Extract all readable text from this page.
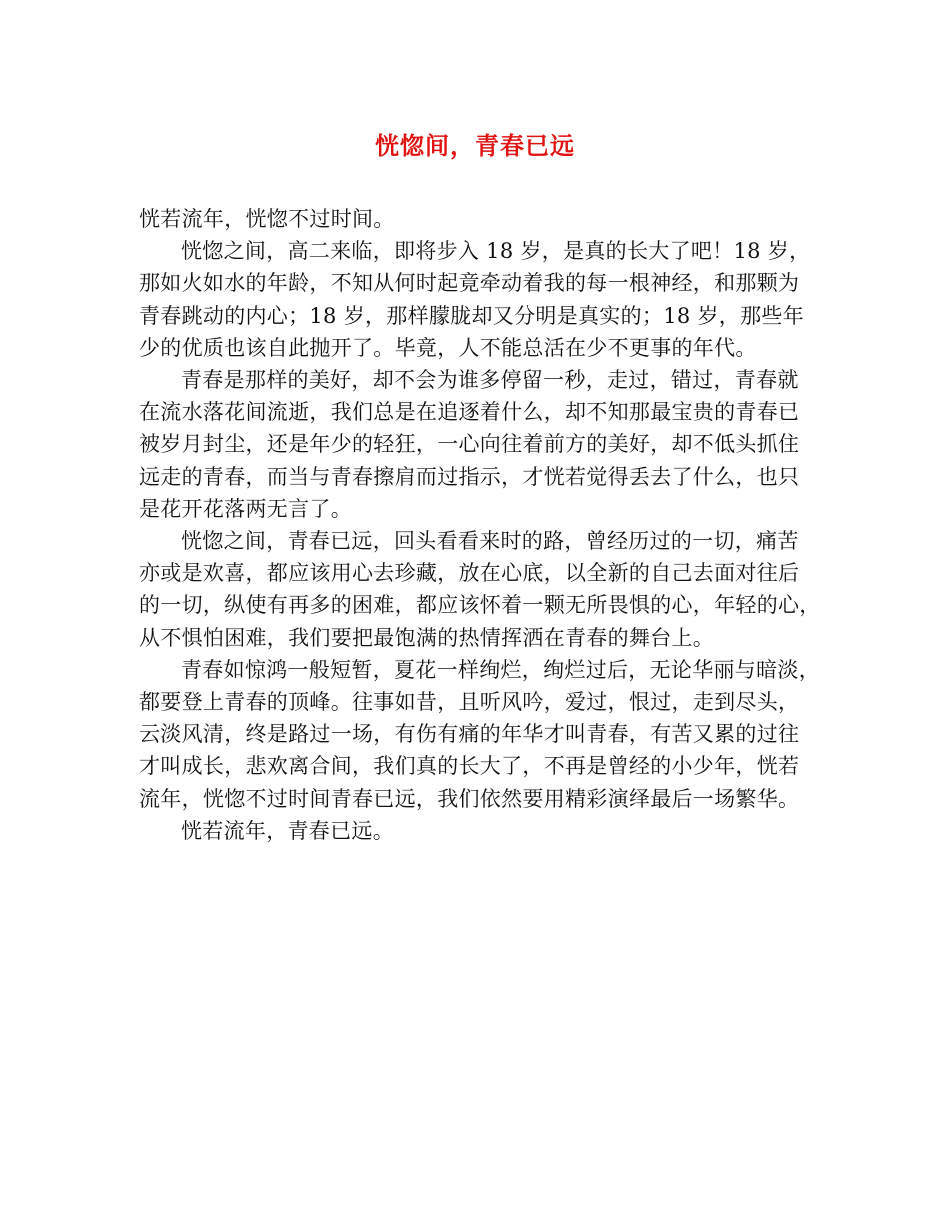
恍惚间，青春已远
恍若流年，恍惚不过时间。
恍惚之间，高二来临，即将步入 18 岁，是真的长大了吧！18 岁，
那如火如水的年龄，不知从何时起竟牵动着我的每一根神经，和那颗为
青春跳动的内心；18 岁，那样朦胧却又分明是真实的；18 岁，那些年
少的优质也该自此抛开了。毕竟，人不能总活在少不更事的年代。
青春是那样的美好，却不会为谁多停留一秒，走过，错过，青春就
在流水落花间流逝，我们总是在追逐着什么，却不知那最宝贵的青春已
被岁月封尘，还是年少的轻狂，一心向往着前方的美好，却不低头抓住
远走的青春，而当与青春擦肩而过指示，才恍若觉得丢去了什么，也只
是花开花落两无言了。
恍惚之间，青春已远，回头看看来时的路，曾经历过的一切，痛苦
亦或是欢喜，都应该用心去珍藏，放在心底，以全新的自己去面对往后
的一切，纵使有再多的困难，都应该怀着一颗无所畏惧的心，年轻的心，
从不惧怕困难，我们要把最饱满的热情挥洒在青春的舞台上。
青春如惊鸿一般短暂，夏花一样绚烂，绚烂过后，无论华丽与暗淡，
都要登上青春的顶峰。往事如昔，且听风吟，爱过，恨过，走到尽头，
云淡风清，终是路过一场，有伤有痛的年华才叫青春，有苦又累的过往
才叫成长，悲欢离合间，我们真的长大了，不再是曾经的小少年，恍若
流年，恍惚不过时间青春已远，我们依然要用精彩演绎最后一场繁华。
恍若流年，青春已远。
